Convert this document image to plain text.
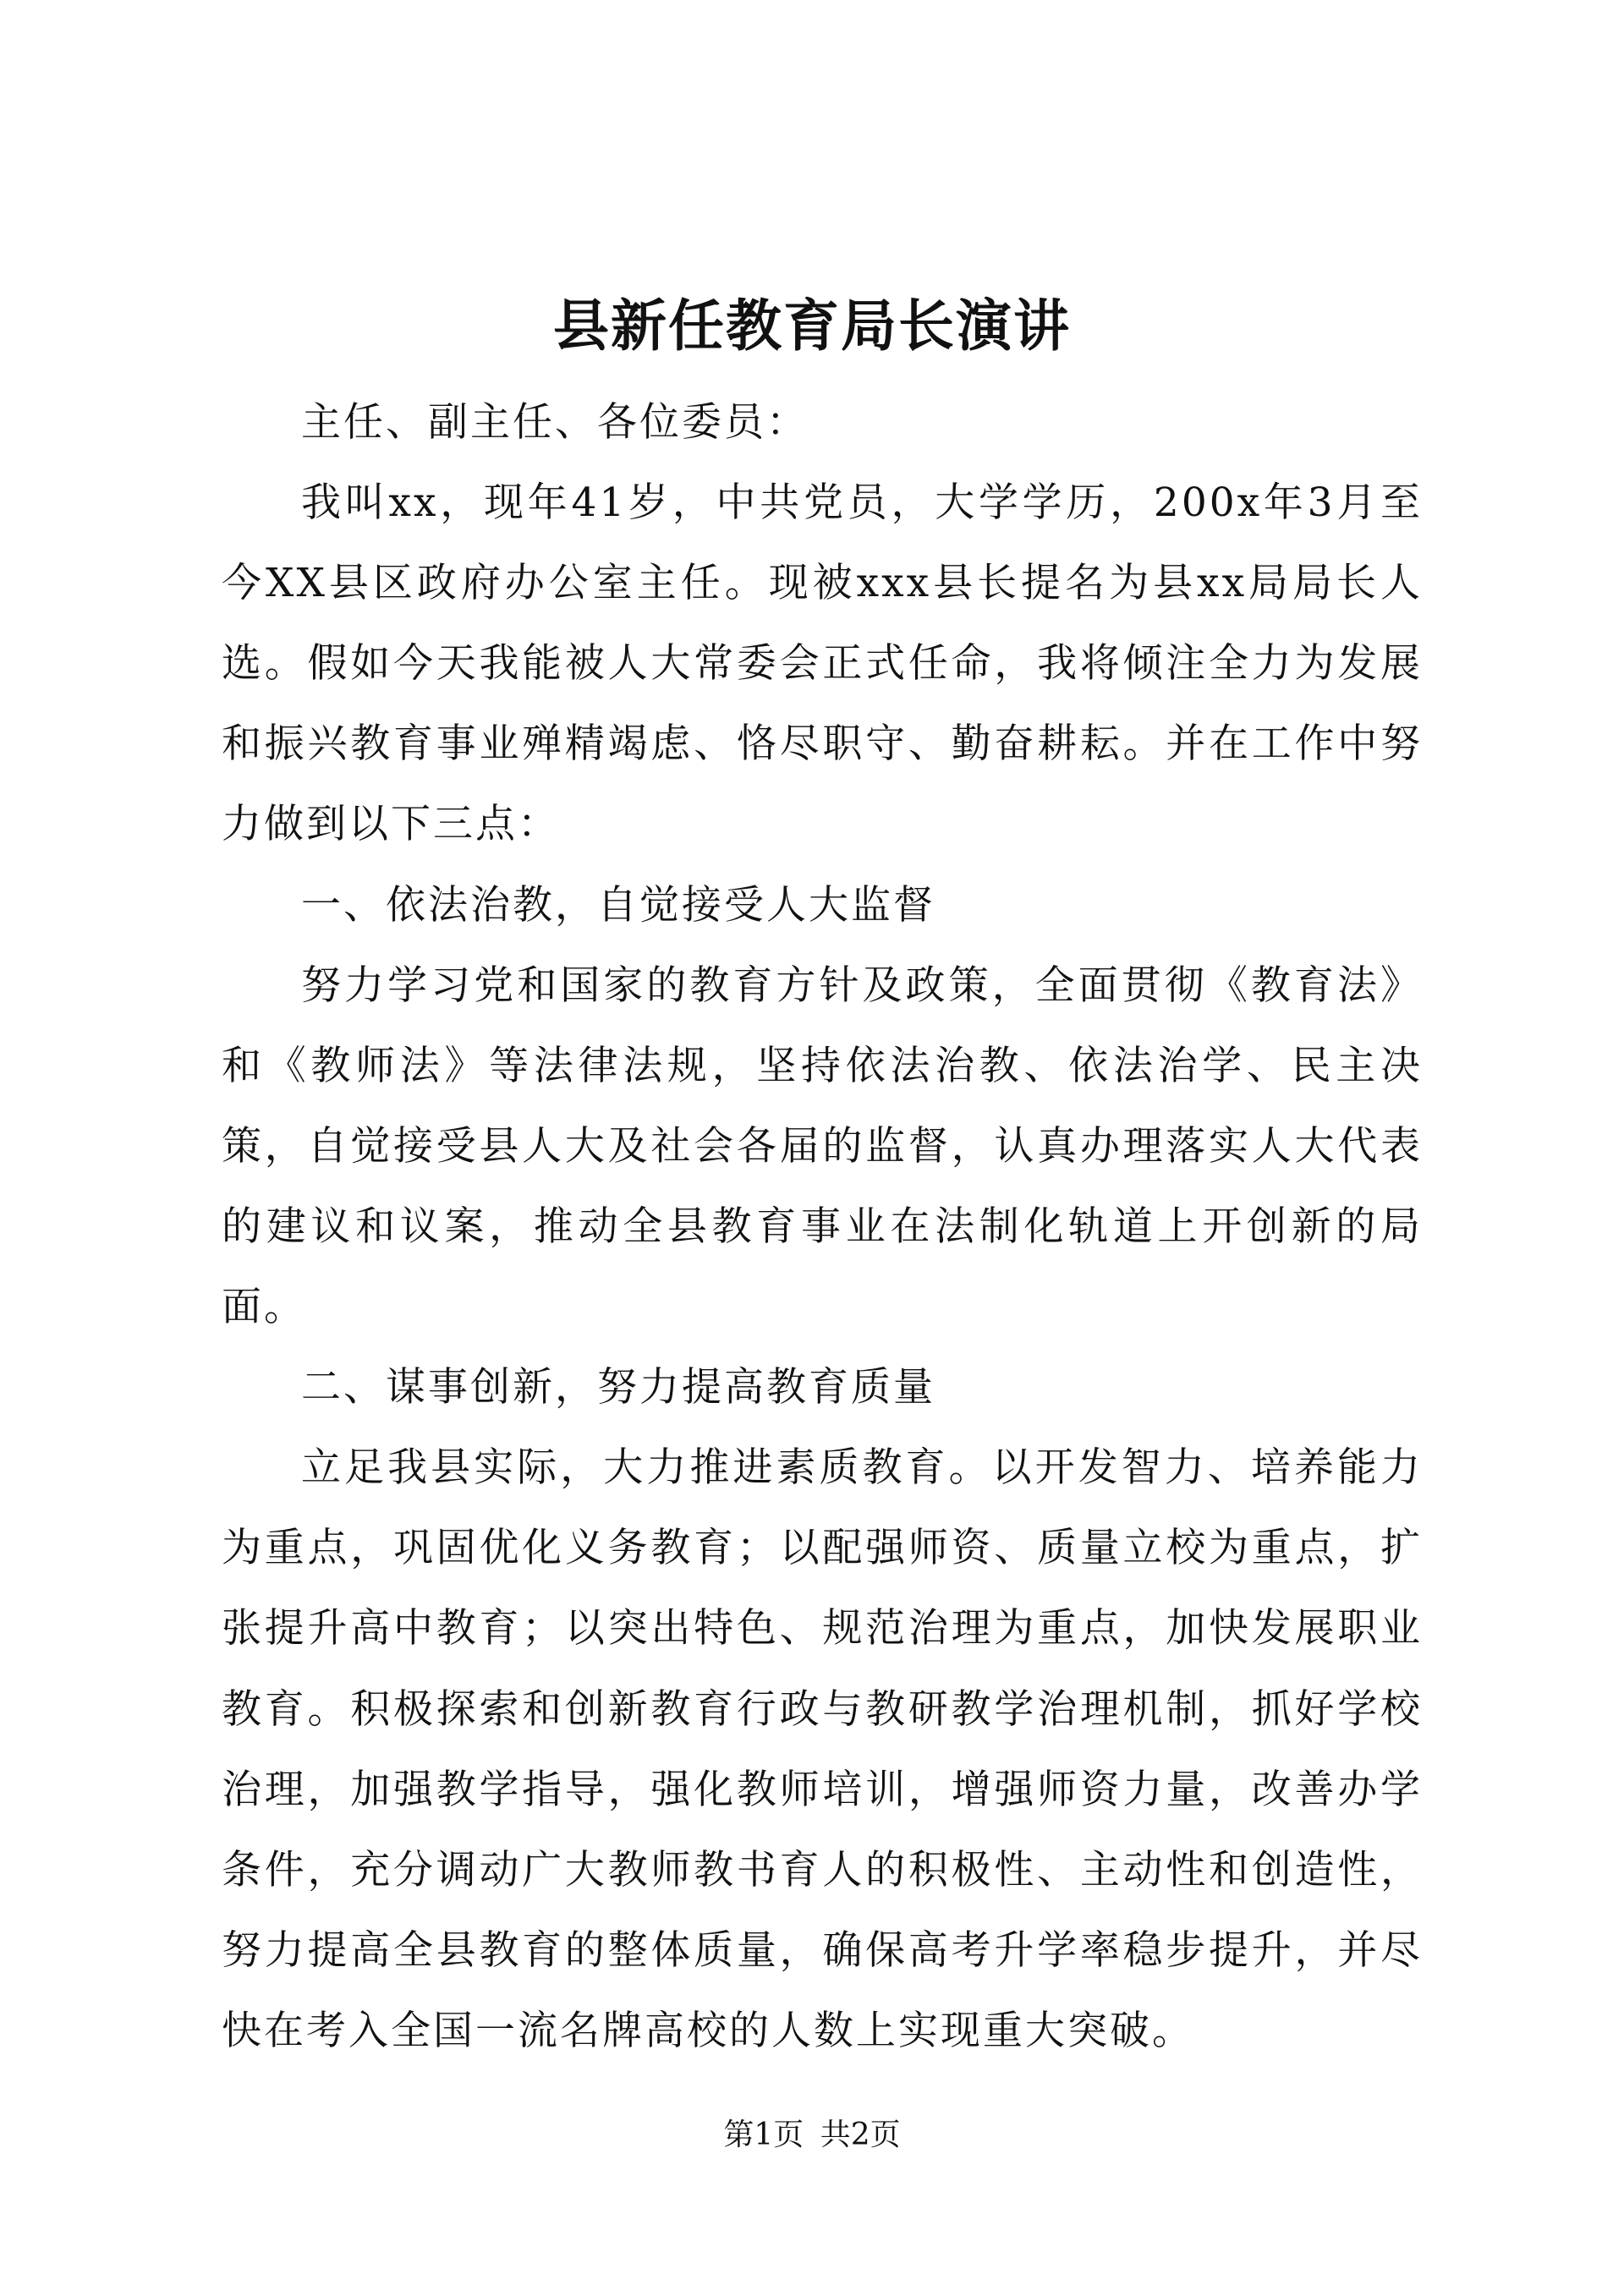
县新任教育局长演讲

主任、副主任、各位委员：

我叫xx，现年41岁，中共党员，大学学历，200x年3月至今XX县区政府办公室主任。现被xxx县长提名为县xx局局长人选。假如今天我能被人大常委会正式任命，我将倾注全力为发展和振兴教育事业殚精竭虑、恪尽职守、勤奋耕耘。并在工作中努力做到以下三点：

一、依法治教，自觉接受人大监督

努力学习党和国家的教育方针及政策，全面贯彻《教育法》和《教师法》等法律法规，坚持依法治教、依法治学、民主决策，自觉接受县人大及社会各届的监督，认真办理落实人大代表的建议和议案，推动全县教育事业在法制化轨道上开创新的局面。

二、谋事创新，努力提高教育质量

立足我县实际，大力推进素质教育。以开发智力、培养能力为重点，巩固优化义务教育；以配强师资、质量立校为重点，扩张提升高中教育；以突出特色、规范治理为重点，加快发展职业教育。积极探索和创新教育行政与教研教学治理机制，抓好学校治理，加强教学指导，强化教师培训，增强师资力量，改善办学条件，充分调动广大教师教书育人的积极性、主动性和创造性，努力提高全县教育的整体质量，确保高考升学率稳步提升，并尽快在考入全国一流名牌高校的人数上实现重大突破。

第1页 共2页
